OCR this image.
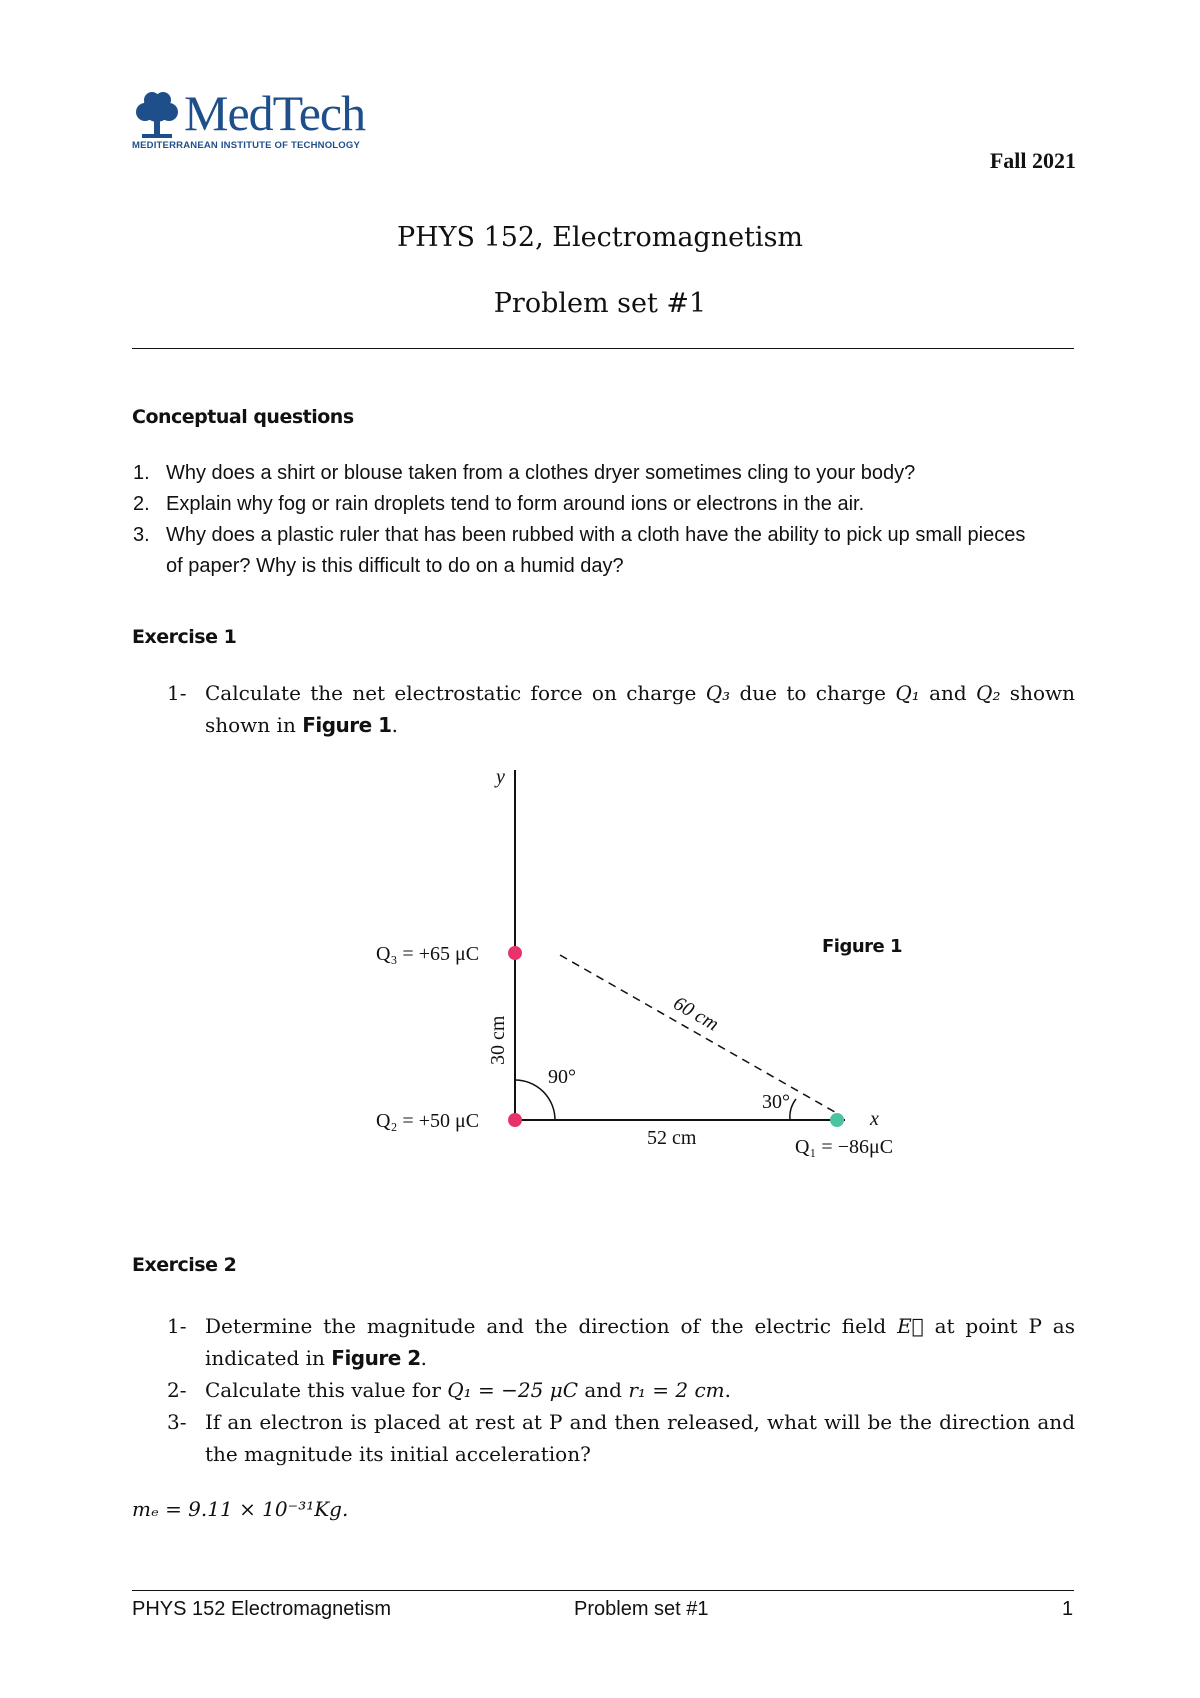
MedTech
MEDITERRANEAN INSTITUTE OF TECHNOLOGY
Fall 2021
PHYS 152, Electromagnetism
Problem set #1
Conceptual questions
1. Why does a shirt or blouse taken from a clothes dryer sometimes cling to your body?
2. Explain why fog or rain droplets tend to form around ions or electrons in the air.
3. Why does a plastic ruler that has been rubbed with a cloth have the ability to pick up small pieces of paper? Why is this difficult to do on a humid day?
Exercise 1
1- Calculate the net electrostatic force on charge Q₃ due to charge Q₁ and Q₂ shown shown in Figure 1.
y
x
Q₃ = +65 μC
Q₂ = +50 μC
Q₁ = −86μC
52 cm
30 cm
60 cm
90°
30°
Figure 1
Exercise 2
1- Determine the magnitude and the direction of the electric field E⃗ at point P as indicated in Figure 2.
2- Calculate this value for Q₁ = −25 μC and r₁ = 2 cm.
3- If an electron is placed at rest at P and then released, what will be the direction and the magnitude its initial acceleration?
mₑ = 9.11 × 10⁻³¹Kg.
PHYS 152 Electromagnetism	Problem set #1	1
